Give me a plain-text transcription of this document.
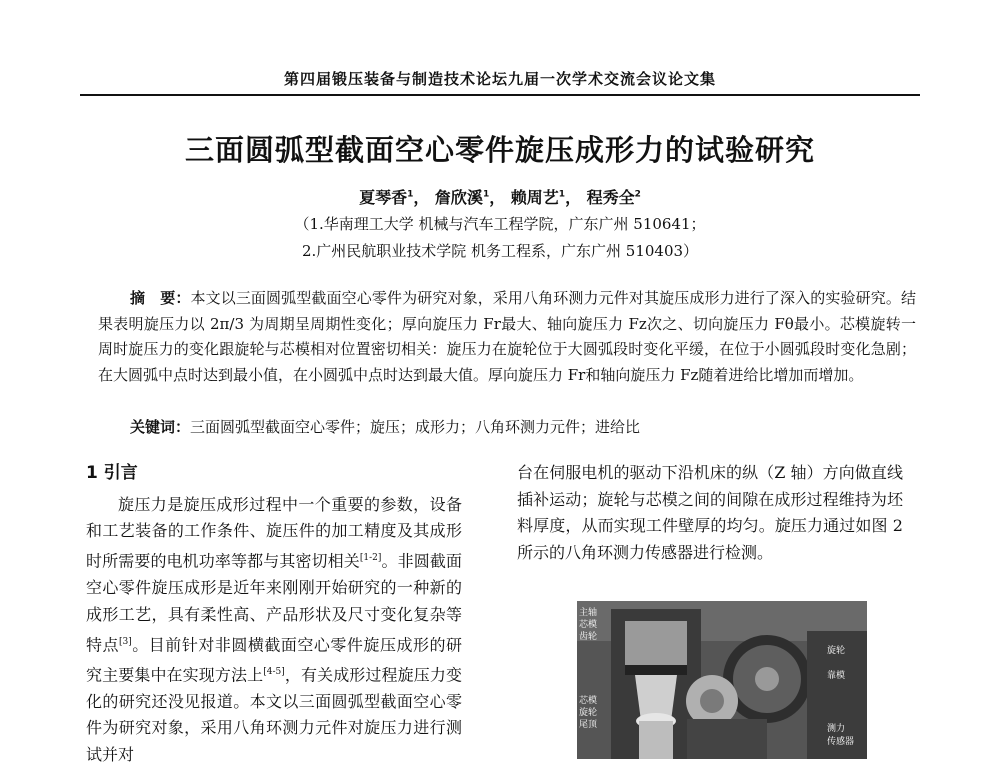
第四届锻压装备与制造技术论坛九届一次学术交流会议论文集
三面圆弧型截面空心零件旋压成形力的试验研究
夏琴香$^1$， 詹欣溪$^1$， 赖周艺$^1$， 程秀全$^2$
（1.华南理工大学 机械与汽车工程学院，广东广州 510641；
2.广州民航职业技术学院 机务工程系，广东广州 510403）

摘　要：本文以三面圆弧型截面空心零件为研究对象，采用八角环测力元件对其旋压成形力进行了深入的实验研究。结果表明旋压力以 2π/3 为周期呈周期性变化；厚向旋压力 Fr最大、轴向旋压力 Fz次之、切向旋压力 Fθ最小。芯模旋转一周时旋压力的变化跟旋轮与芯模相对位置密切相关：旋压力在旋轮位于大圆弧段时变化平缓，在位于小圆弧段时变化急剧；在大圆弧中点时达到最小值，在小圆弧中点时达到最大值。厚向旋压力 Fr和轴向旋压力 Fz随着进给比增加而增加。

关键词：三面圆弧型截面空心零件；旋压；成形力；八角环测力元件；进给比
1 引言

旋压力是旋压成形过程中一个重要的参数，设备和工艺装备的工作条件、旋压件的加工精度及其成形时所需要的电机功率等都与其密切相关[1-2]。非圆截面空心零件旋压成形是近年来刚刚开始研究的一种新的成形工艺，具有柔性高、产品形状及尺寸变化复杂等特点[3]。目前针对非圆横截面空心零件旋压成形的研究主要集中在实现方法上[4-5]，有关成形过程旋压力变化的研究还没见报道。本文以三面圆弧型截面空心零件为研究对象，采用八角环测力元件对旋压力进行测试并对

台在伺服电机的驱动下沿机床的纵（Z 轴）方向做直线插补运动；旋轮与芯模之间的间隙在成形过程维持为坯料厚度，从而实现工件壁厚的均匀。旋压力通过如图 2 所示的八角环测力传感器进行检测。

主轴
芯模
齿轮
芯模
旋轮
尾顶
旋轮
靠模
测力
传感器
